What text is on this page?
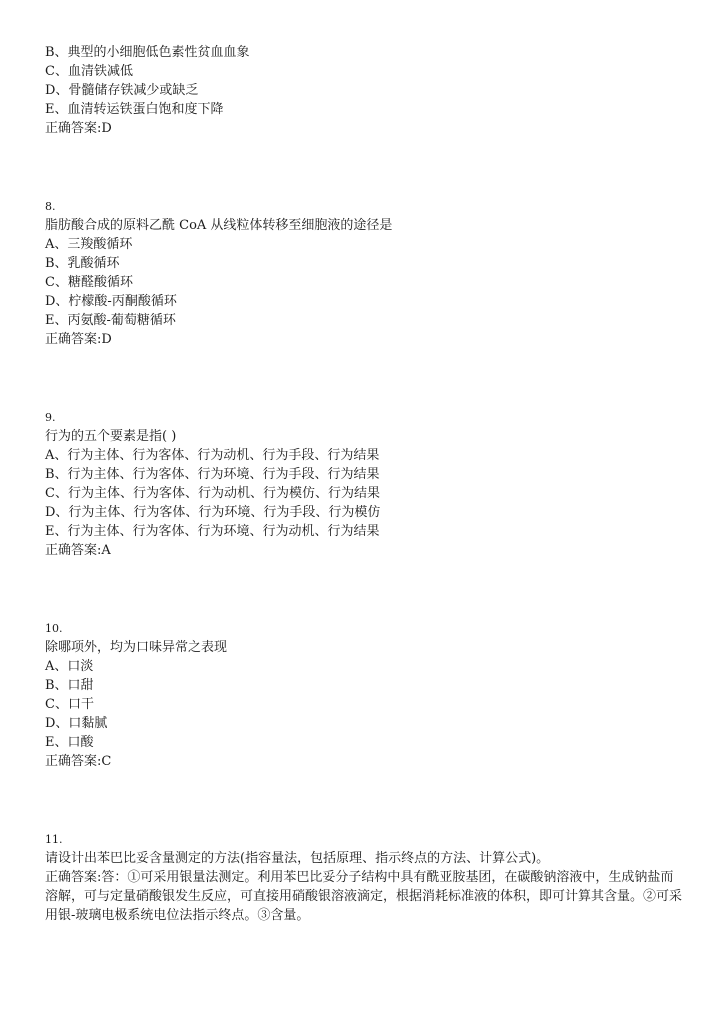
B、典型的小细胞低色素性贫血血象
C、血清铁减低
D、骨髓储存铁减少或缺乏
E、血清转运铁蛋白饱和度下降
正确答案:D
8.
脂肪酸合成的原料乙酰 CoA 从线粒体转移至细胞液的途径是
A、三羧酸循环
B、乳酸循环
C、糖醛酸循环
D、柠檬酸-丙酮酸循环
E、丙氨酸-葡萄糖循环
正确答案:D
9.
行为的五个要素是指( )
A、行为主体、行为客体、行为动机、行为手段、行为结果
B、行为主体、行为客体、行为环境、行为手段、行为结果
C、行为主体、行为客体、行为动机、行为模仿、行为结果
D、行为主体、行为客体、行为环境、行为手段、行为模仿
E、行为主体、行为客体、行为环境、行为动机、行为结果
正确答案:A
10.
除哪项外，均为口味异常之表现
A、口淡
B、口甜
C、口干
D、口黏腻
E、口酸
正确答案:C
11.
请设计出苯巴比妥含量测定的方法(指容量法，包括原理、指示终点的方法、计算公式)。
正确答案:答：①可采用银量法测定。利用苯巴比妥分子结构中具有酰亚胺基团，在碳酸钠溶液中，生成钠盐而溶解，可与定量硝酸银发生反应，可直接用硝酸银溶液滴定，根据消耗标准液的体积，即可计算其含量。②可采用银-玻璃电极系统电位法指示终点。③含量。
